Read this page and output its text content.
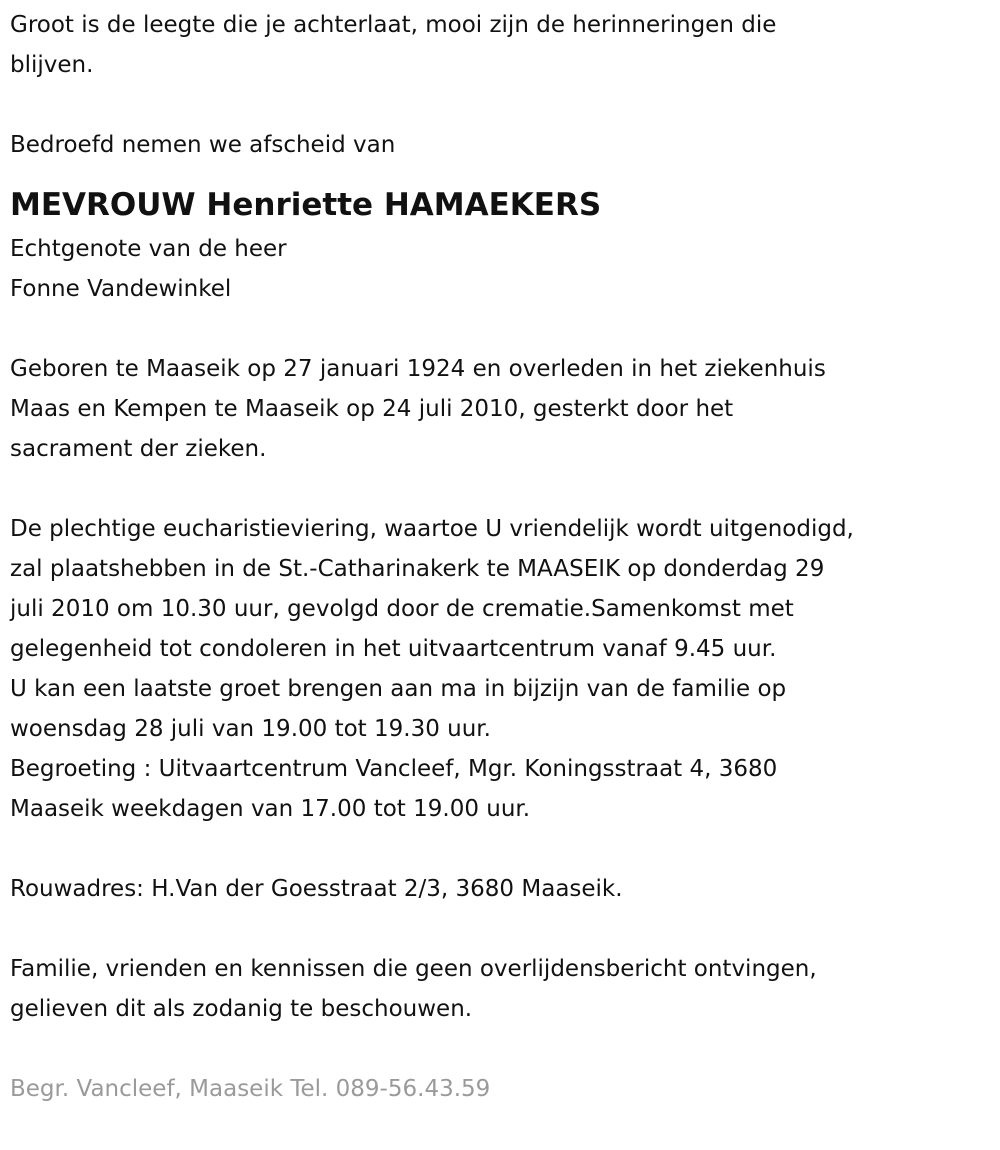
Groot is de leegte die je achterlaat, mooi zijn de herinneringen die
blijven.
Bedroefd nemen we afscheid van
MEVROUW Henriette HAMAEKERS
Echtgenote van de heer
Fonne Vandewinkel
Geboren te Maaseik op 27 januari 1924 en overleden in het ziekenhuis
Maas en Kempen te Maaseik op 24 juli 2010, gesterkt door het
sacrament der zieken.
De plechtige eucharistieviering, waartoe U vriendelijk wordt uitgenodigd,
zal plaatshebben in de St.-Catharinakerk te MAASEIK op donderdag 29
juli 2010 om 10.30 uur, gevolgd door de crematie.Samenkomst met
gelegenheid tot condoleren in het uitvaartcentrum vanaf 9.45 uur.
U kan een laatste groet brengen aan ma in bijzijn van de familie op
woensdag 28 juli van 19.00 tot 19.30 uur.
Begroeting : Uitvaartcentrum Vancleef, Mgr. Koningsstraat 4, 3680
Maaseik weekdagen van 17.00 tot 19.00 uur.
Rouwadres: H.Van der Goesstraat 2/3, 3680 Maaseik.
Familie, vrienden en kennissen die geen overlijdensbericht ontvingen,
gelieven dit als zodanig te beschouwen.
Begr. Vancleef, Maaseik Tel. 089-56.43.59
